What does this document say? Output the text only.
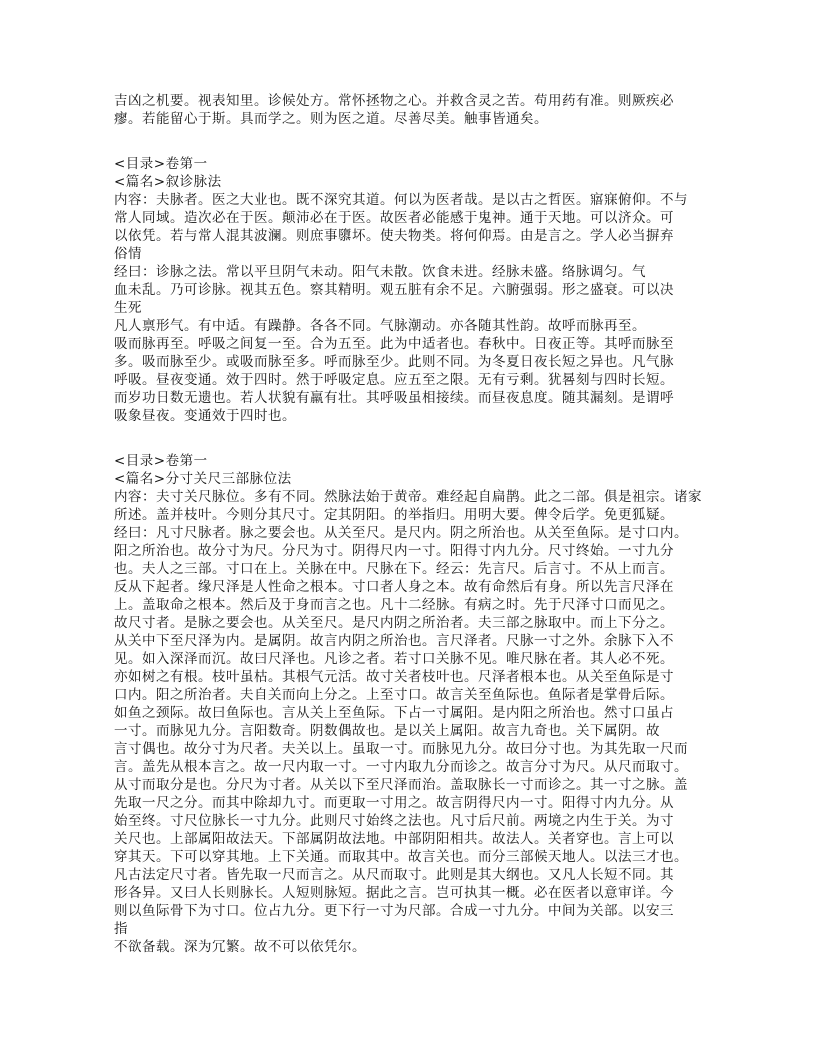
吉凶之机要。视表知里。诊候处方。常怀拯物之心。并救含灵之苦。苟用药有准。则厥疾必
瘳。若能留心于斯。具而学之。则为医之道。尽善尽美。触事皆通矣。
<目录>卷第一
<篇名>叙诊脉法
内容：夫脉者。医之大业也。既不深究其道。何以为医者哉。是以古之哲医。寤寐俯仰。不与
常人同域。造次必在于医。颠沛必在于医。故医者必能感于鬼神。通于天地。可以济众。可
以依凭。若与常人混其波澜。则庶事隳坏。使夫物类。将何仰焉。由是言之。学人必当摒弃
俗情
经曰：诊脉之法。常以平旦阴气未动。阳气未散。饮食未进。经脉未盛。络脉调匀。气
血未乱。乃可诊脉。视其五色。察其精明。观五脏有余不足。六腑强弱。形之盛衰。可以决
生死
凡人禀形气。有中适。有躁静。各各不同。气脉潮动。亦各随其性韵。故呼而脉再至。
吸而脉再至。呼吸之间复一至。合为五至。此为中适者也。春秋中。日夜正等。其呼而脉至
多。吸而脉至少。或吸而脉至多。呼而脉至少。此则不同。为冬夏日夜长短之异也。凡气脉
呼吸。昼夜变通。效于四时。然于呼吸定息。应五至之限。无有亏剩。犹晷刻与四时长短。
而岁功日数无遗也。若人状貌有羸有壮。其呼吸虽相接续。而昼夜息度。随其漏刻。是谓呼
吸象昼夜。变通效于四时也。
<目录>卷第一
<篇名>分寸关尺三部脉位法
内容：夫寸关尺脉位。多有不同。然脉法始于黄帝。难经起自扁鹊。此之二部。俱是祖宗。诸家
所述。盖并枝叶。今则分其尺寸。定其阴阳。的举指归。用明大要。俾令后学。免更狐疑。
经曰：凡寸尺脉者。脉之要会也。从关至尺。是尺内。阴之所治也。从关至鱼际。是寸口内。
阳之所治也。故分寸为尺。分尺为寸。阴得尺内一寸。阳得寸内九分。尺寸终始。一寸九分
也。夫人之三部。寸口在上。关脉在中。尺脉在下。经云：先言尺。后言寸。不从上而言。
反从下起者。缘尺泽是人性命之根本。寸口者人身之本。故有命然后有身。所以先言尺泽在
上。盖取命之根本。然后及于身而言之也。凡十二经脉。有病之时。先于尺泽寸口而见之。
故尺寸者。是脉之要会也。从关至尺。是尺内阴之所治者。夫三部之脉取中。而上下分之。
从关中下至尺泽为内。是属阴。故言内阴之所治也。言尺泽者。尺脉一寸之外。余脉下入不
见。如入深泽而沉。故曰尺泽也。凡诊之者。若寸口关脉不见。唯尺脉在者。其人必不死。
亦如树之有根。枝叶虽枯。其根气元活。故寸关者枝叶也。尺泽者根本也。从关至鱼际是寸
口内。阳之所治者。夫自关而向上分之。上至寸口。故言关至鱼际也。鱼际者是掌骨后际。
如鱼之颈际。故曰鱼际也。言从关上至鱼际。下占一寸属阳。是内阳之所治也。然寸口虽占
一寸。而脉见九分。言阳数奇。阴数偶故也。是以关上属阳。故言九奇也。关下属阴。故
言寸偶也。故分寸为尺者。夫关以上。虽取一寸。而脉见九分。故曰分寸也。为其先取一尺而
言。盖先从根本言之。故一尺内取一寸。一寸内取九分而诊之。故言分寸为尺。从尺而取寸。
从寸而取分是也。分尺为寸者。从关以下至尺泽而治。盖取脉长一寸而诊之。其一寸之脉。盖
先取一尺之分。而其中除却九寸。而更取一寸用之。故言阴得尺内一寸。阳得寸内九分。从
始至终。寸尺位脉长一寸九分。此则尺寸始终之法也。凡寸后尺前。两境之内生于关。为寸
关尺也。上部属阳故法天。下部属阴故法地。中部阴阳相共。故法人。关者穿也。言上可以
穿其天。下可以穿其地。上下关通。而取其中。故言关也。而分三部候天地人。以法三才也。
凡古法定尺寸者。皆先取一尺而言之。从尺而取寸。此则是其大纲也。又凡人长短不同。其
形各异。又曰人长则脉长。人短则脉短。据此之言。岂可执其一概。必在医者以意审详。今
则以鱼际骨下为寸口。位占九分。更下行一寸为尺部。合成一寸九分。中间为关部。以安三
指
不欲备载。深为冗繁。故不可以依凭尔。
